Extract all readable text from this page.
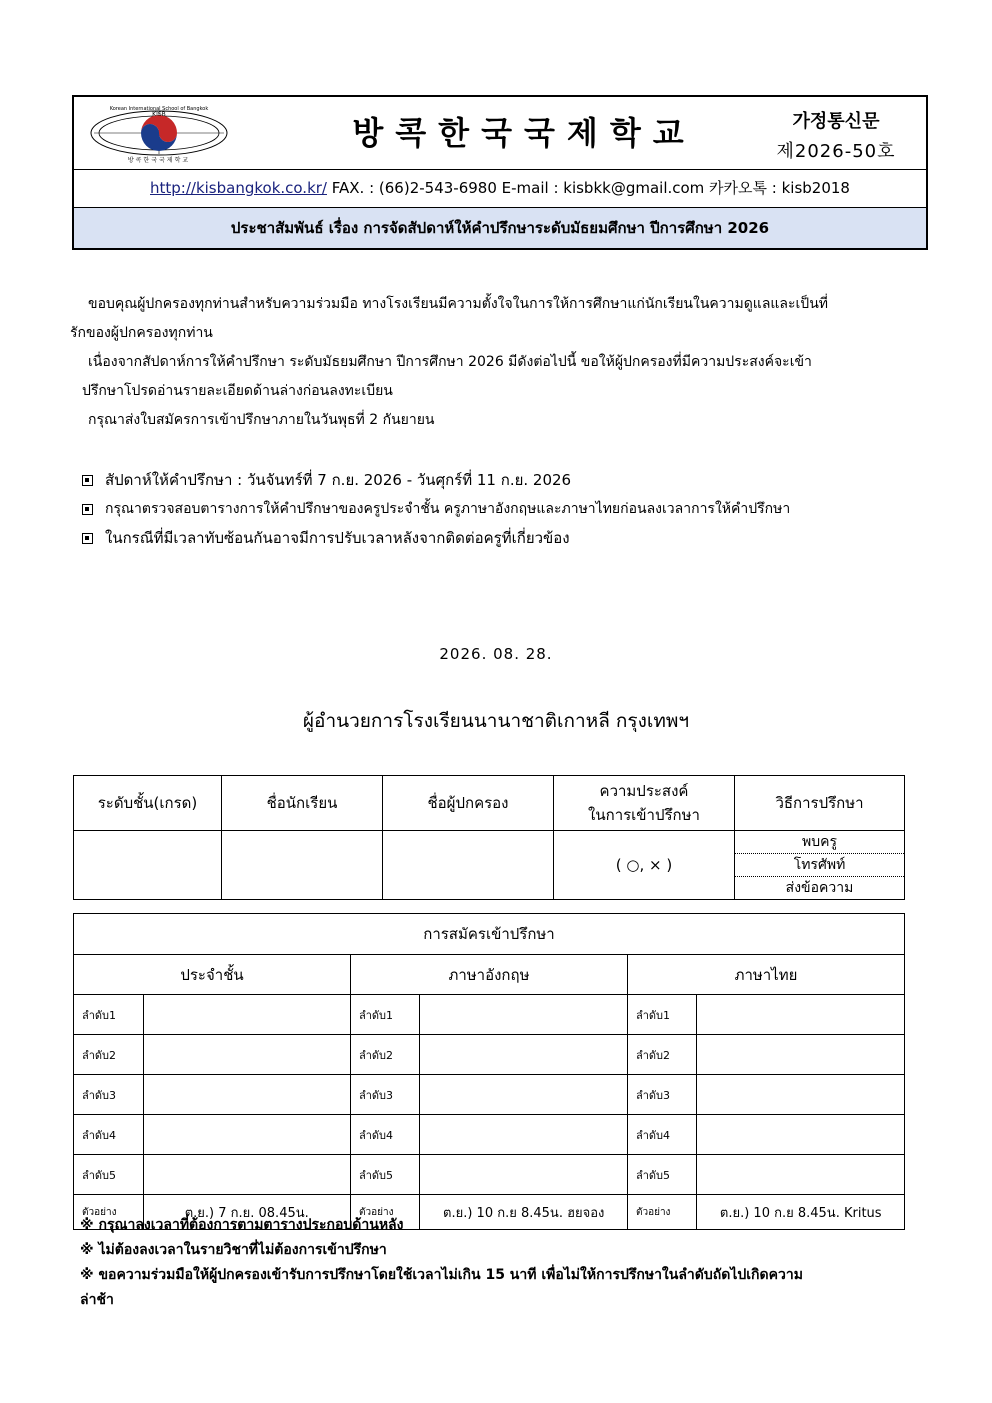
KISB
Korean International School of Bangkok
방콕한국국제학교
방콕한국국제학교	가정통신문
제2026-50호
http://kisbangkok.co.kr/ FAX. : (66)2-543-6980 E-mail : kisbkk@gmail.com 카카오톡 : kisb2018
ประชาสัมพันธ์ เรื่อง การจัดสัปดาห์ให้คำปรึกษาระดับมัธยมศึกษา ปีการศึกษา 2026
ขอบคุณผู้ปกครองทุกท่านสำหรับความร่วมมือ ทางโรงเรียนมีความตั้งใจในการให้การศึกษาแก่นักเรียนในความดูแลและเป็นที่
รักของผู้ปกครองทุกท่าน
เนื่องจากสัปดาห์การให้คำปรึกษา ระดับมัธยมศึกษา ปีการศึกษา 2026 มีดังต่อไปนี้ ขอให้ผู้ปกครองที่มีความประสงค์จะเข้า
ปรึกษาโปรดอ่านรายละเอียดด้านล่างก่อนลงทะเบียน
กรุณาส่งใบสมัครการเข้าปรึกษาภายในวันพุธที่ 2 กันยายน
สัปดาห์ให้คำปรึกษา : วันจันทร์ที่ 7 ก.ย. 2026 - วันศุกร์ที่ 11 ก.ย. 2026
กรุณาตรวจสอบตารางการให้คำปรึกษาของครูประจำชั้น ครูภาษาอังกฤษและภาษาไทยก่อนลงเวลาการให้คำปรึกษา
ในกรณีที่มีเวลาทับซ้อนกันอาจมีการปรับเวลาหลังจากติดต่อครูที่เกี่ยวข้อง
2026. 08. 28.
ผู้อำนวยการโรงเรียนนานาชาติเกาหลี กรุงเทพฯ
ระดับชั้น(เกรด)	ชื่อนักเรียน	ชื่อผู้ปกครอง	ความประสงค์
ในการเข้าปรึกษา	วิธีการปรึกษา
			( ○, × )	พบครู
โทรศัพท์
ส่งข้อความ
การสมัครเข้าปรึกษา					
ประจำชั้น		ภาษาอังกฤษ		ภาษาไทย	
ลำดับ1		ลำดับ1		ลำดับ1	
ลำดับ2		ลำดับ2		ลำดับ2	
ลำดับ3		ลำดับ3		ลำดับ3	
ลำดับ4		ลำดับ4		ลำดับ4	
ลำดับ5		ลำดับ5		ลำดับ5	
ตัวอย่าง	ต.ย.) 7 ก.ย. 08.45น.	ตัวอย่าง	ต.ย.) 10 ก.ย 8.45น. ฮยจอง	ตัวอย่าง	ต.ย.) 10 ก.ย 8.45น. Kritus
※ กรุณาลงเวลาที่ต้องการตามตารางประกอบด้านหลัง
※ ไม่ต้องลงเวลาในรายวิชาที่ไม่ต้องการเข้าปรึกษา
※ ขอความร่วมมือให้ผู้ปกครองเข้ารับการปรึกษาโดยใช้เวลาไม่เกิน 15 นาที เพื่อไม่ให้การปรึกษาในลำดับถัดไปเกิดความ
ล่าช้า
